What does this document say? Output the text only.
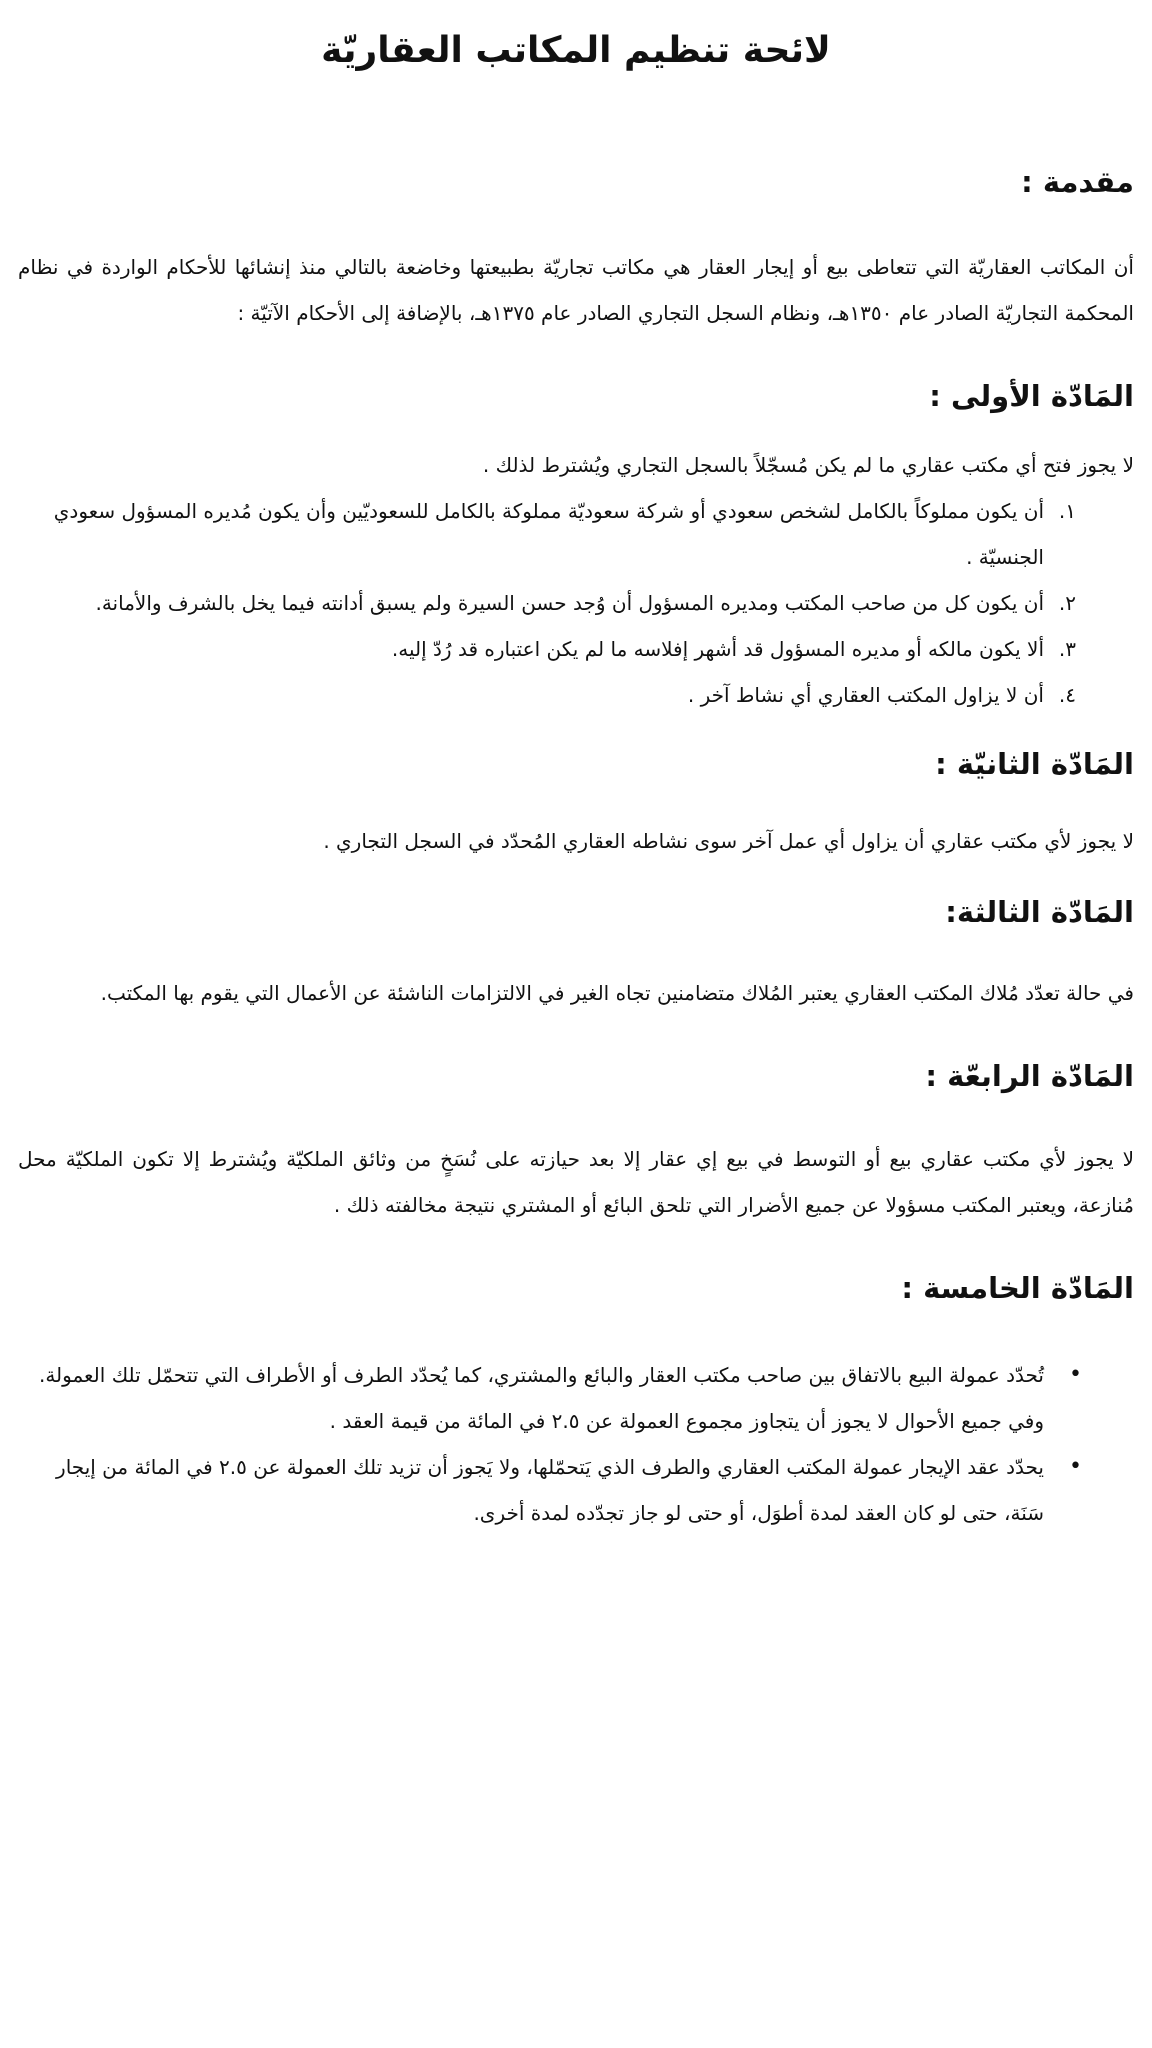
لائحة تنظيم المكاتب العقاريّة
مقدمة :

أن المكاتب العقاريّة التي تتعاطى بيع أو إيجار العقار هي مكاتب تجاريّة بطبيعتها وخاضعة بالتالي منذ إنشائها للأحكام الواردة في نظام المحكمة التجاريّة الصادر عام ١٣٥٠هـ، ونظام السجل التجاري الصادر عام ١٣٧٥هـ، بالإضافة إلى الأحكام الآتيّة :

المَادّة الأولى :

لا يجوز فتح أي مكتب عقاري ما لم يكن مُسجّلاً بالسجل التجاري ويُشترط لذلك .

.١
أن يكون مملوكاً بالكامل لشخص سعودي أو شركة سعوديّة مملوكة بالكامل للسعوديّين وأن يكون مُديره المسؤول سعودي الجنسيّة .
.٢
أن يكون كل من صاحب المكتب ومديره المسؤول أن وُجد حسن السيرة ولم يسبق أدانته فيما يخل بالشرف والأمانة.
.٣
ألا يكون مالكه أو مديره المسؤول قد أشهر إفلاسه ما لم يكن اعتباره قد رُدّ إليه.
.٤
أن لا يزاول المكتب العقاري أي نشاط آخر .
المَادّة الثانيّة :

لا يجوز لأي مكتب عقاري أن يزاول أي عمل آخر سوى نشاطه العقاري المُحدّد في السجل التجاري .

المَادّة الثالثة:

في حالة تعدّد مُلاك المكتب العقاري يعتبر المُلاك متضامنين تجاه الغير في الالتزامات الناشئة عن الأعمال التي يقوم بها المكتب.

المَادّة الرابعّة :

لا يجوز لأي مكتب عقاري بيع أو التوسط في بيع إي عقار إلا بعد حيازته على نُسَخٍ من وثائق الملكيّة ويُشترط إلا تكون الملكيّة محل مُنازعة، ويعتبر المكتب مسؤولا عن جميع الأضرار التي تلحق البائع أو المشتري نتيجة مخالفته ذلك .

المَادّة الخامسة :
•
تُحدّد عمولة البيع بالاتفاق بين صاحب مكتب العقار والبائع والمشتري، كما يُحدّد الطرف أو الأطراف التي تتحمّل تلك العمولة. وفي جميع الأحوال لا يجوز أن يتجاوز مجموع العمولة عن ٢.٥ في المائة من قيمة العقد .
•
يحدّد عقد الإيجار عمولة المكتب العقاري والطرف الذي يَتحمّلها، ولا يَجوز أن تزيد تلك العمولة عن ٢.٥ في المائة من إيجار سَنَة، حتى لو كان العقد لمدة أطوَل، أو حتى لو جاز تجدّده لمدة أخرى.
